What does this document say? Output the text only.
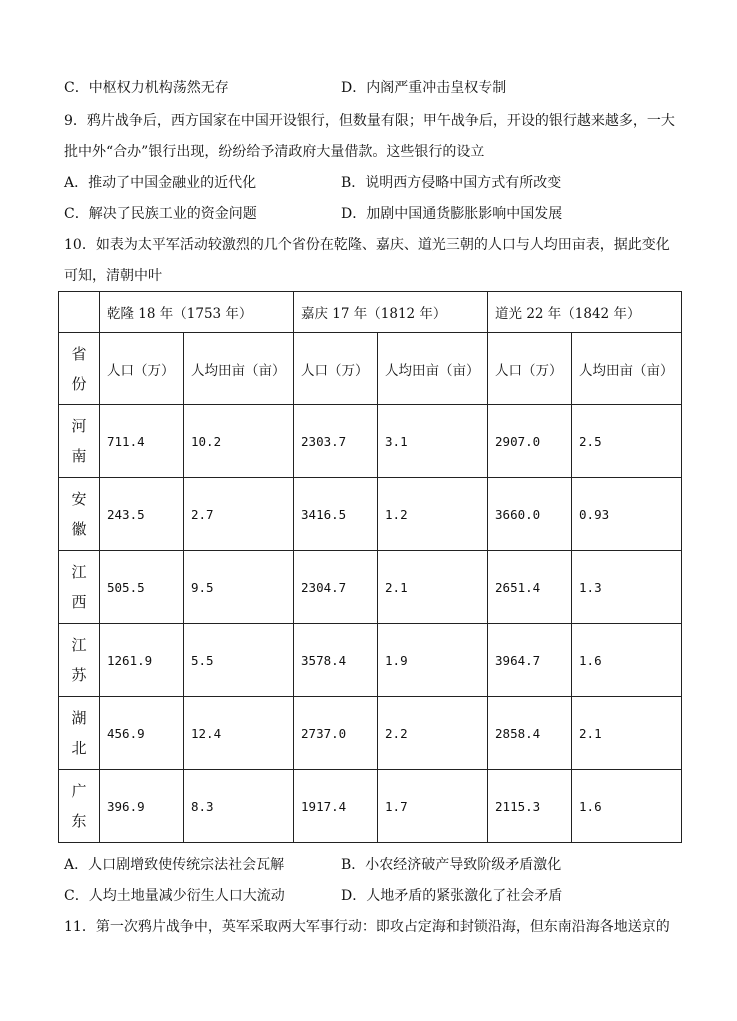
C．中枢权力机构荡然无存	D．内阁严重冲击皇权专制
9．鸦片战争后，西方国家在中国开设银行，但数量有限；甲午战争后，开设的银行越来越多，一大
批中外“合办”银行出现，纷纷给予清政府大量借款。这些银行的设立
A．推动了中国金融业的近代化	B．说明西方侵略中国方式有所改变
C．解决了民族工业的资金问题	D．加剧中国通货膨胀影响中国发展
10．如表为太平军活动较激烈的几个省份在乾隆、嘉庆、道光三朝的人口与人均田亩表，据此变化
可知，清朝中叶
	乾隆 18 年（1753 年）		嘉庆 17 年（1812 年）		道光 22 年（1842 年）	
省
份	人口（万）	人均田亩（亩）	人口（万）	人均田亩（亩）	人口（万）	人均田亩（亩）
河
南	711.4	10.2	2303.7	3.1	2907.0	2.5
安
徽	243.5	2.7	3416.5	1.2	3660.0	0.93
江
西	505.5	9.5	2304.7	2.1	2651.4	1.3
江
苏	1261.9	5.5	3578.4	1.9	3964.7	1.6
湖
北	456.9	12.4	2737.0	2.2	2858.4	2.1
广
东	396.9	8.3	1917.4	1.7	2115.3	1.6
A．人口剧增致使传统宗法社会瓦解	B．小农经济破产导致阶级矛盾激化
C．人均土地量减少衍生人口大流动	D．人地矛盾的紧张激化了社会矛盾
11．第一次鸦片战争中，英军采取两大军事行动：即攻占定海和封锁沿海，但东南沿海各地送京的
